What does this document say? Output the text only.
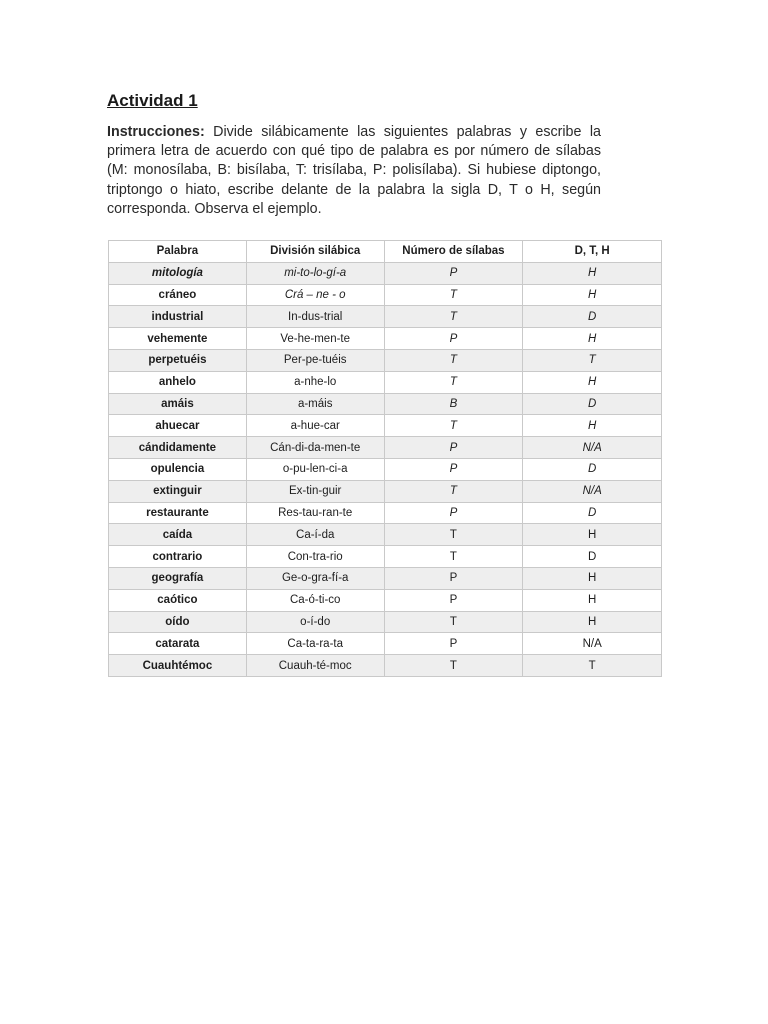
Actividad 1

Instrucciones: Divide silábicamente las siguientes palabras y escribe la primera letra de acuerdo con qué tipo de palabra es por número de sílabas (M: monosílaba, B: bisílaba, T: trisílaba, P: polisílaba). Si hubiese diptongo, triptongo o hiato, escribe delante de la palabra la sigla D, T o H, según corresponda. Observa el ejemplo.

Palabra	División silábica	Número de sílabas	D, T, H
mitología	mi-to-lo-gí-a	P	H
cráneo	Crá – ne - o	T	H
industrial	In-dus-trial	T	D
vehemente	Ve-he-men-te	P	H
perpetuéis	Per-pe-tuéis	T	T
anhelo	a-nhe-lo	T	H
amáis	a-máis	B	D
ahuecar	a-hue-car	T	H
cándidamente	Cán-di-da-men-te	P	N/A
opulencia	o-pu-len-ci-a	P	D
extinguir	Ex-tin-guir	T	N/A
restaurante	Res-tau-ran-te	P	D
caída	Ca-í-da	T	H
contrario	Con-tra-rio	T	D
geografía	Ge-o-gra-fí-a	P	H
caótico	Ca-ó-ti-co	P	H
oído	o-í-do	T	H
catarata	Ca-ta-ra-ta	P	N/A
Cuauhtémoc	Cuauh-té-moc	T	T
